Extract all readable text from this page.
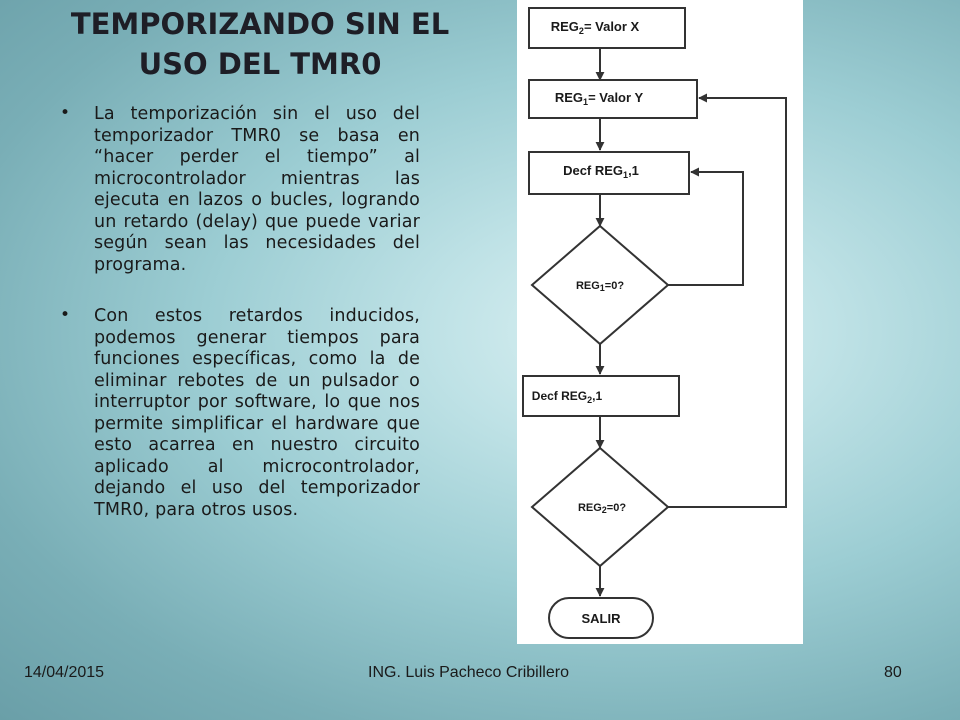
TEMPORIZANDO SIN EL
USO DEL TMR0
• La temporización sin el uso del temporizador TMR0 se basa en “hacer perder el tiempo” al microcontrolador mientras las ejecuta en lazos o bucles, logrando un retardo (delay) que puede variar según sean las necesidades del programa.
• Con estos retardos inducidos, podemos generar tiempos para funciones específicas, como la de eliminar rebotes de un pulsador o interruptor por software, lo que nos permite simplificar el hardware que esto acarrea en nuestro circuito aplicado al microcontrolador, dejando el uso del temporizador TMR0, para otros usos.
$REG_2=$ Valor X
$REG_1=$ Valor Y
Decf $REG_1,1$
REG1=0?
Decf $REG_2,1$
REG2=0?
SALIR
14/04/2015	ING. Luis Pacheco Cribillero	80
